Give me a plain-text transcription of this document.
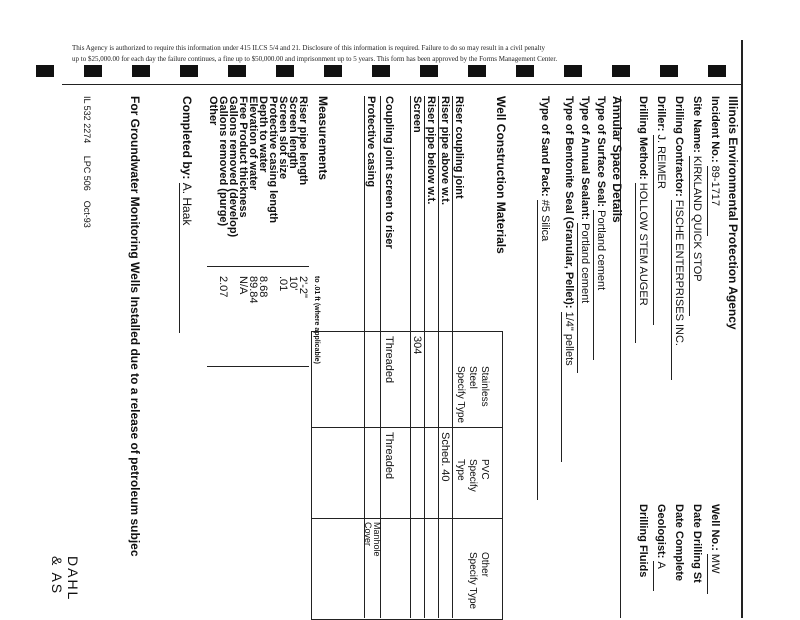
This Agency is authorized to require this information under 415 ILCS 5/4 and 21. Disclosure of this information is required. Failure to do so may result in a civil penalty
up to $25,000.00 for each day the failure continues, a fine up to $50,000.00 and imprisonment up to 5 years. This form has been approved by the Forms Management Center.
Illinois Environmental Protection Agency
Incident No.: 89-1717
Site Name: KIRKLAND QUICK STOP
Drilling Contractor: FISCHE ENTERPRISES INC.
Driller: J. REIMER
Drilling Method: HOLLOW STEM AUGER
Well No.: MW
Date Drilling St
Date Complete
Geologist: A
Drilling Fluids
Annular Space Details
Type of Surface Seal: Portland cement
Type of Annual Sealant: Portland cement
Type of Bentonite Seal (Granular, Pellet): 1/4" pellets
Type of Sand Pack: #5 Silica
Well Construction Materials
Stainless
Steel
Specify Type
PVC
Specify
Type
Other
Specify Type
Riser coupling joint
Riser pipe above w.t.
Riser pipe below w.t.
Screen
Coupling joint screen to riser
Protective casing
Sched. 40
304
Threaded
Threaded
Manhole Cover
Measurements
to .01 ft (where applicable)
Riser pipe length
Screen length
Screen slot size
Protective casing length
Depth to water
Elevation of water
Free Product thickness
Gallons removed (develop)
Gallons removed (purge)
Other
2'-2"
10'
.01
8.68
89.84
N/A
2.07
Completed by: A. Haak
For Groundwater Monitoring Wells Installed due to a release of petroleum subjec
IL 532 2274     LPC 506    Oct-93
DAHL & AS
